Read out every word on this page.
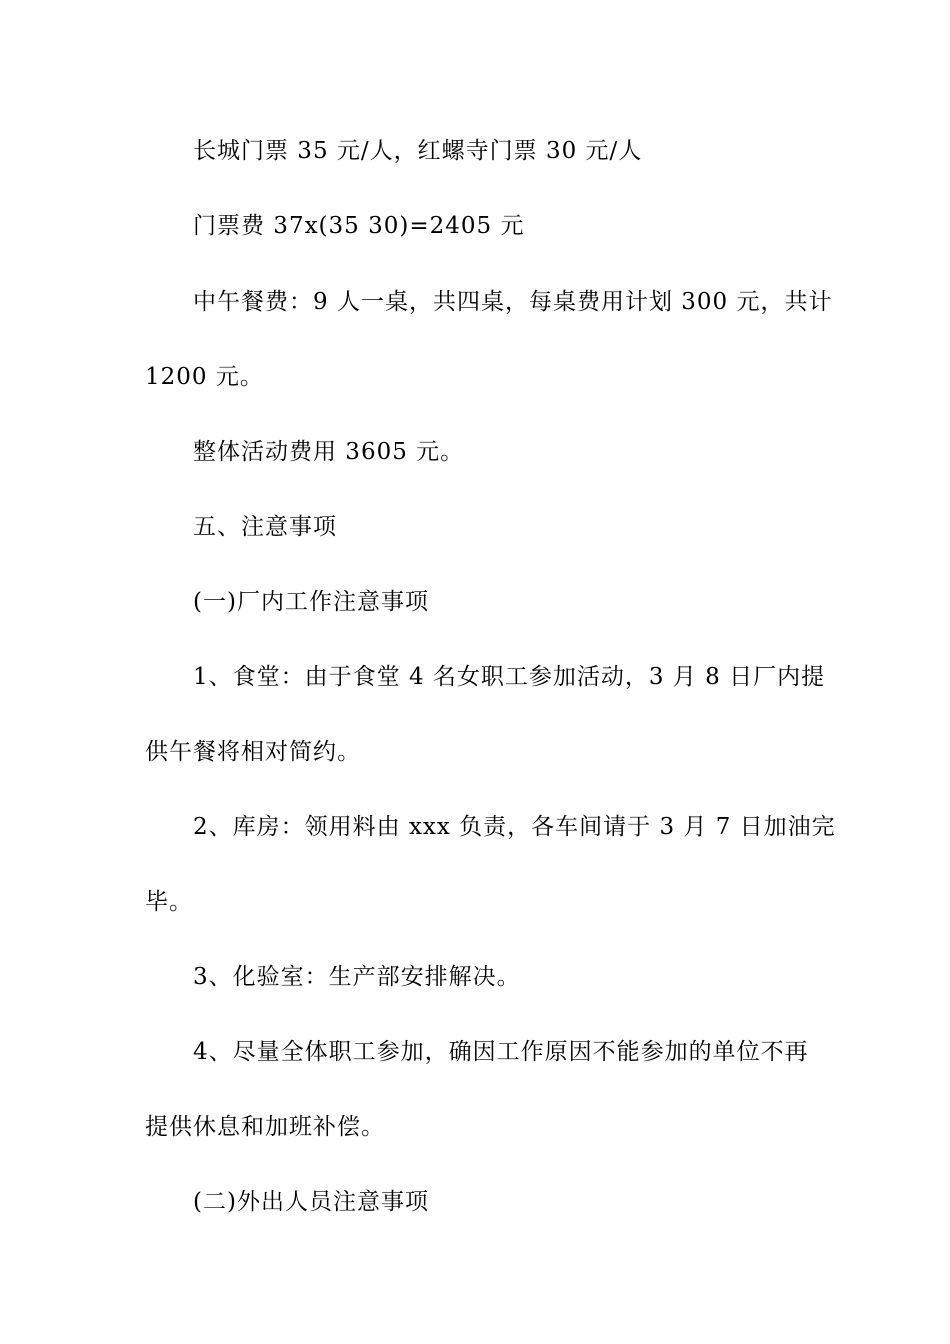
长城门票 35 元/人，红螺寺门票 30 元/人
门票费 37x(35 30)=2405 元
中午餐费：9 人一桌，共四桌，每桌费用计划 300 元，共计
1200 元。
整体活动费用 3605 元。
五、注意事项
(一)厂内工作注意事项
1、食堂：由于食堂 4 名女职工参加活动，3 月 8 日厂内提
供午餐将相对简约。
2、库房：领用料由 xxx 负责，各车间请于 3 月 7 日加油完
毕。
3、化验室：生产部安排解决。
4、尽量全体职工参加，确因工作原因不能参加的单位不再
提供休息和加班补偿。
(二)外出人员注意事项
